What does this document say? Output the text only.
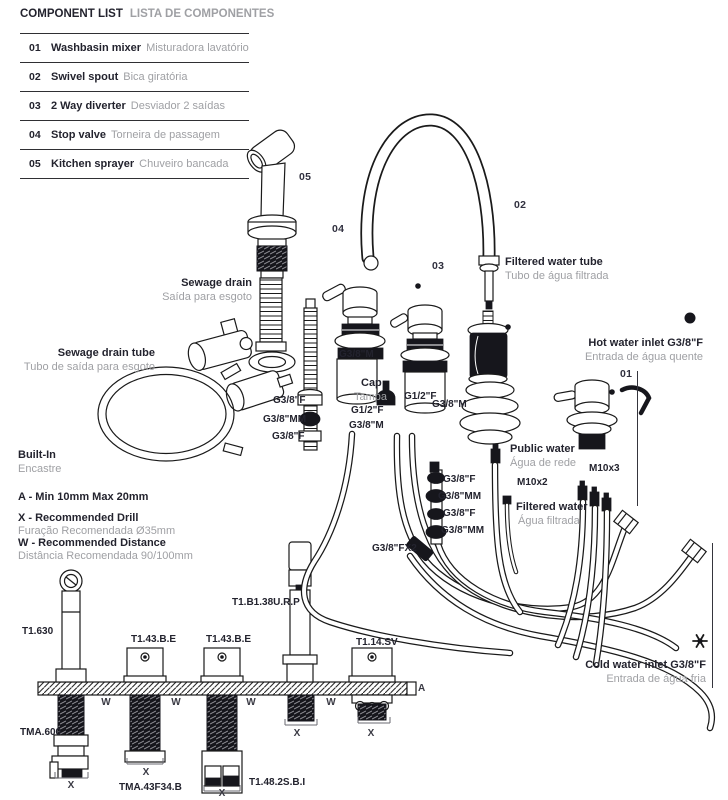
COMPONENT LIST LISTA DE COMPONENTES
01 Washbasin mixer Misturadora lavatório
02 Swivel spout Bica giratória
03 2 Way diverter Desviador 2 saídas
04 Stop valve Torneira de passagem
05 Kitchen sprayer Chuveiro bancada
05
04
03
02
01
Sewage drain
Saída para esgoto
Sewage drain tube
Tubo de saída para esgoto
Filtered water tube
Tubo de água filtrada
Hot water inlet G3/8"F
Entrada de água quente
Cold water inlet G3/8"F
Entrada de água fria
Public water
Água de rede
Filtered water
Água filtrada
Built-In
Encastre
A - Min 10mm Max 20mm
X - Recommended Drill
Furação Recomendada Ø35mm
W - Recommended Distance
Distância Recomendada 90/100mm
Cap
Tampa
G3/8"M
G1/2"F
G3/8"M
G1/2"F
G3/8"M
G3/8"F
G3/8"MM
G3/8"F
M10x2
M10x3
G3/8"F
G3/8"MM
G3/8"F
G3/8"MM
G3/8"FX2
T1.B1.38U.R.P
T1.630
T1.43.B.E	T1.43.B.E	T1.14.SV
TMA.600
TMA.43F34.B	T1.48.2S.B.I
W	W	W	W
X
X
X
X	X
A
